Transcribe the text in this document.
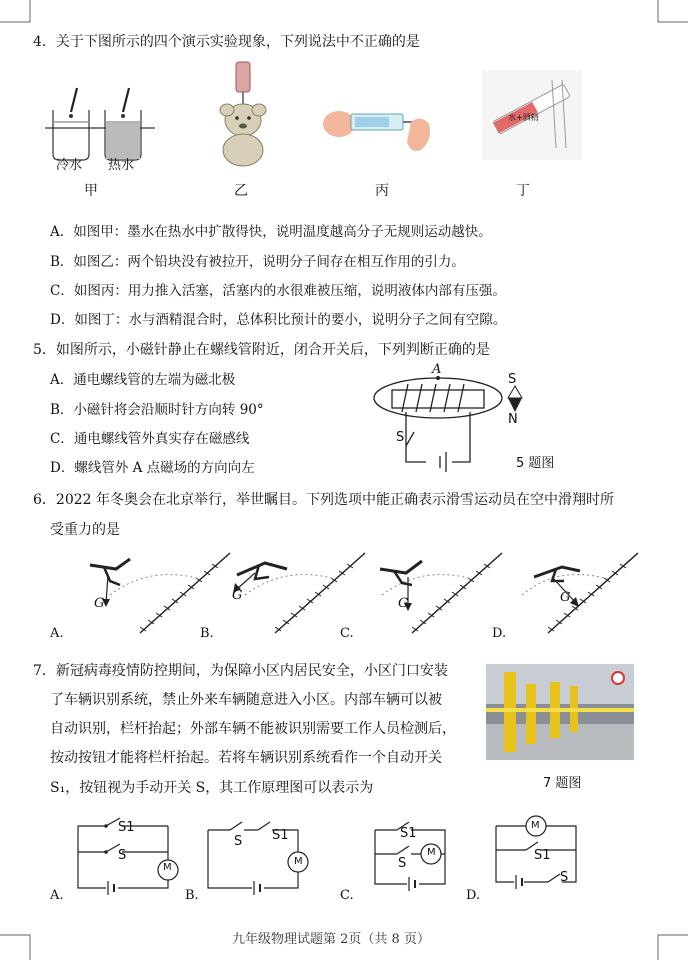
4．关于下图所示的四个演示实验现象，下列说法中不正确的是
冷水 热水
甲	乙	丙
水+酒精
丁
A．如图甲：墨水在热水中扩散得快，说明温度越高分子无规则运动越快。
B．如图乙：两个铅块没有被拉开，说明分子间存在相互作用的引力。
C．如图丙：用力推入活塞，活塞内的水很难被压缩，说明液体内部有压强。
D．如图丁：水与酒精混合时，总体积比预计的要小，说明分子之间有空隙。
5．如图所示，小磁针静止在螺线管附近，闭合开关后，下列判断正确的是
A．通电螺线管的左端为磁北极
B．小磁针将会沿顺时针方向转 90°
C．通电螺线管外真实存在磁感线
D．螺线管外 A 点磁场的方向向左
A
S
N
S
5 题图
6．2022 年冬奥会在北京举行，举世瞩目。下列选项中能正确表示滑雪运动员在空中滑翔时所
受重力的是
G
G
G	G
A.	B.	C.	D.
7．新冠病毒疫情防控期间，为保障小区内居民安全，小区门口安装
了车辆识别系统，禁止外来车辆随意进入小区。内部车辆可以被
自动识别，栏杆抬起；外部车辆不能被识别需要工作人员检测后，
按动按钮才能将栏杆抬起。若将车辆识别系统看作一个自动开关
S₁，按钮视为手动开关 S，其工作原理图可以表示为	7 题图
S1
S
M
S S1
M
S1
S
M
M
S1
S
A.	B.	C.	D.
九年级物理试题第 2页（共 8 页）
